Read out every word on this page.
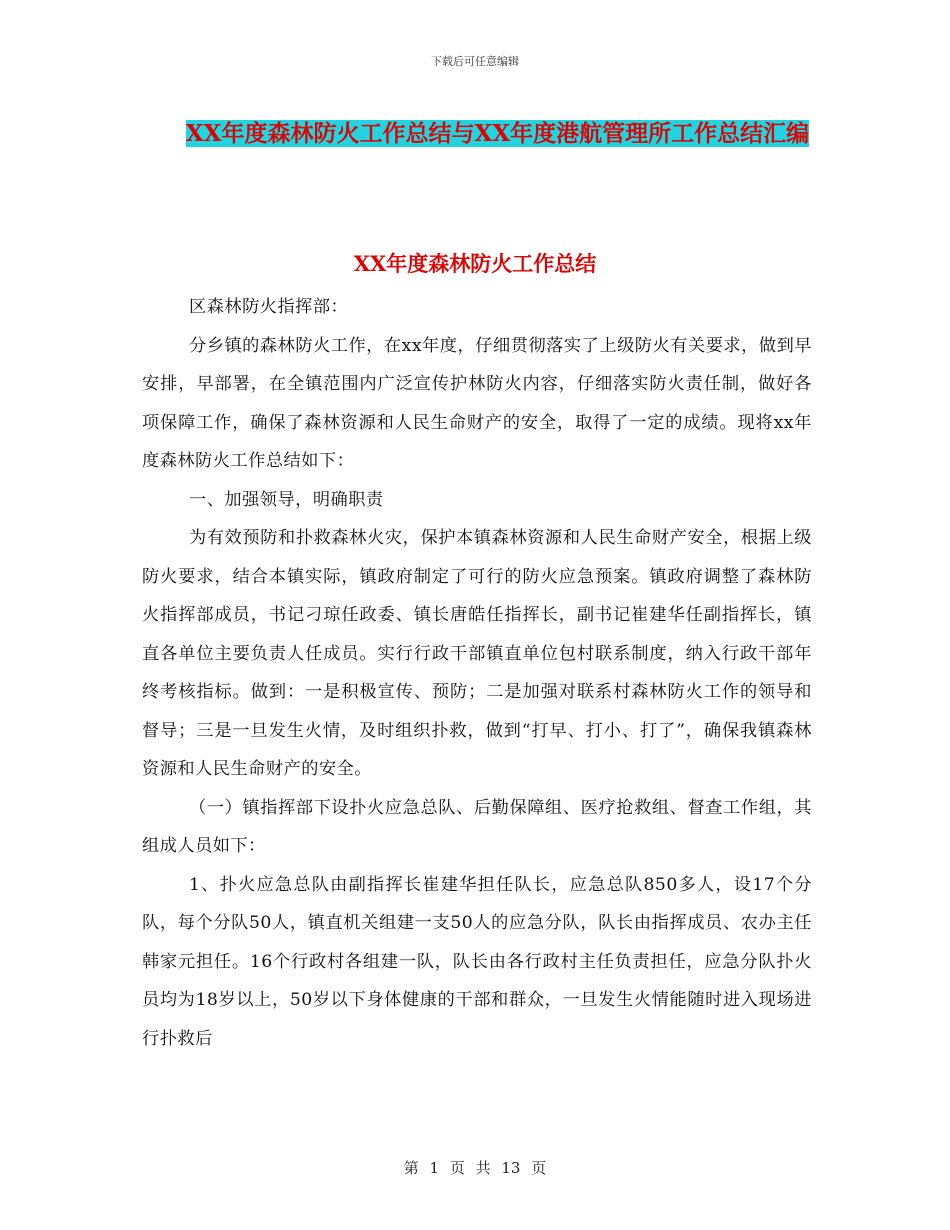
下载后可任意编辑
XX年度森林防火工作总结与XX年度港航管理所工作总结汇编
XX年度森林防火工作总结

区森林防火指挥部：

分乡镇的森林防火工作，在xx年度，仔细贯彻落实了上级防火有关要求，做到早安排，早部署，在全镇范围内广泛宣传护林防火内容，仔细落实防火责任制，做好各项保障工作，确保了森林资源和人民生命财产的安全，取得了一定的成绩。现将xx年度森林防火工作总结如下：

一、加强领导，明确职责

为有效预防和扑救森林火灾，保护本镇森林资源和人民生命财产安全，根据上级防火要求，结合本镇实际，镇政府制定了可行的防火应急预案。镇政府调整了森林防火指挥部成员，书记刁琼任政委、镇长唐皓任指挥长，副书记崔建华任副指挥长，镇直各单位主要负责人任成员。实行行政干部镇直单位包村联系制度，纳入行政干部年终考核指标。做到：一是积极宣传、预防；二是加强对联系村森林防火工作的领导和督导；三是一旦发生火情，及时组织扑救，做到“打早、打小、打了”，确保我镇森林资源和人民生命财产的安全。

（一）镇指挥部下设扑火应急总队、后勤保障组、医疗抢救组、督查工作组，其组成人员如下：

1、扑火应急总队由副指挥长崔建华担任队长，应急总队850多人，设17个分队，每个分队50人，镇直机关组建一支50人的应急分队，队长由指挥成员、农办主任韩家元担任。16个行政村各组建一队，队长由各行政村主任负责担任，应急分队扑火员均为18岁以上，50岁以下身体健康的干部和群众，一旦发生火情能随时进入现场进行扑救后

第 1 页 共 13 页
